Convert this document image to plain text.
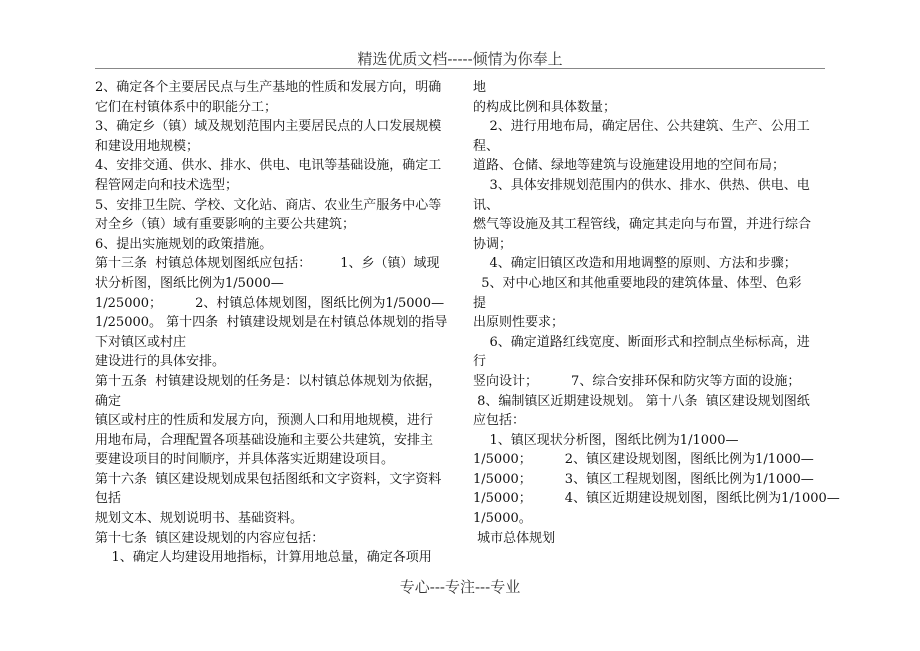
精选优质文档-----倾情为你奉上
2、确定各个主要居民点与生产基地的性质和发展方向，明确
它们在村镇体系中的职能分工；
3、确定乡（镇）域及规划范围内主要居民点的人口发展规模
和建设用地规模；
4、安排交通、供水、排水、供电、电讯等基础设施，确定工
程管网走向和技术选型；
5、安排卫生院、学校、文化站、商店、农业生产服务中心等
对全乡（镇）域有重要影响的主要公共建筑；
6、提出实施规划的政策措施。
第十三条  村镇总体规划图纸应包括：       1、乡（镇）域现
状分析图，图纸比例为1/5000—
1/25000；        2、村镇总体规划图，图纸比例为1/5000—
1/25000。 第十四条  村镇建设规划是在村镇总体规划的指导
下对镇区或村庄
建设进行的具体安排。
第十五条  村镇建设规划的任务是：以村镇总体规划为依据，
确定
镇区或村庄的性质和发展方向，预测人口和用地规模，进行
用地布局，合理配置各项基础设施和主要公共建筑，安排主
要建设项目的时间顺序，并具体落实近期建设项目。
第十六条  镇区建设规划成果包括图纸和文字资料，文字资料
包括
规划文本、规划说明书、基础资料。
第十七条  镇区建设规划的内容应包括：
1、确定人均建设用地指标，计算用地总量，确定各项用
地
的构成比例和具体数量；
2、进行用地布局，确定居住、公共建筑、生产、公用工
程、
道路、仓储、绿地等建筑与设施建设用地的空间布局；
3、具体安排规划范围内的供水、排水、供热、供电、电
讯、
燃气等设施及其工程管线，确定其走向与布置，并进行综合
协调；
4、确定旧镇区改造和用地调整的原则、方法和步骤；
5、对中心地区和其他重要地段的建筑体量、体型、色彩
提
出原则性要求；
6、确定道路红线宽度、断面形式和控制点坐标标高，进
行
竖向设计；        7、综合安排环保和防灾等方面的设施；
8、编制镇区近期建设规划。 第十八条  镇区建设规划图纸
应包括：
1、镇区现状分析图，图纸比例为1/1000—
1/5000；        2、镇区建设规划图，图纸比例为1/1000—
1/5000；        3、镇区工程规划图，图纸比例为1/1000—
1/5000；        4、镇区近期建设规划图，图纸比例为1/1000—
1/5000。
城市总体规划
专心---专注---专业
